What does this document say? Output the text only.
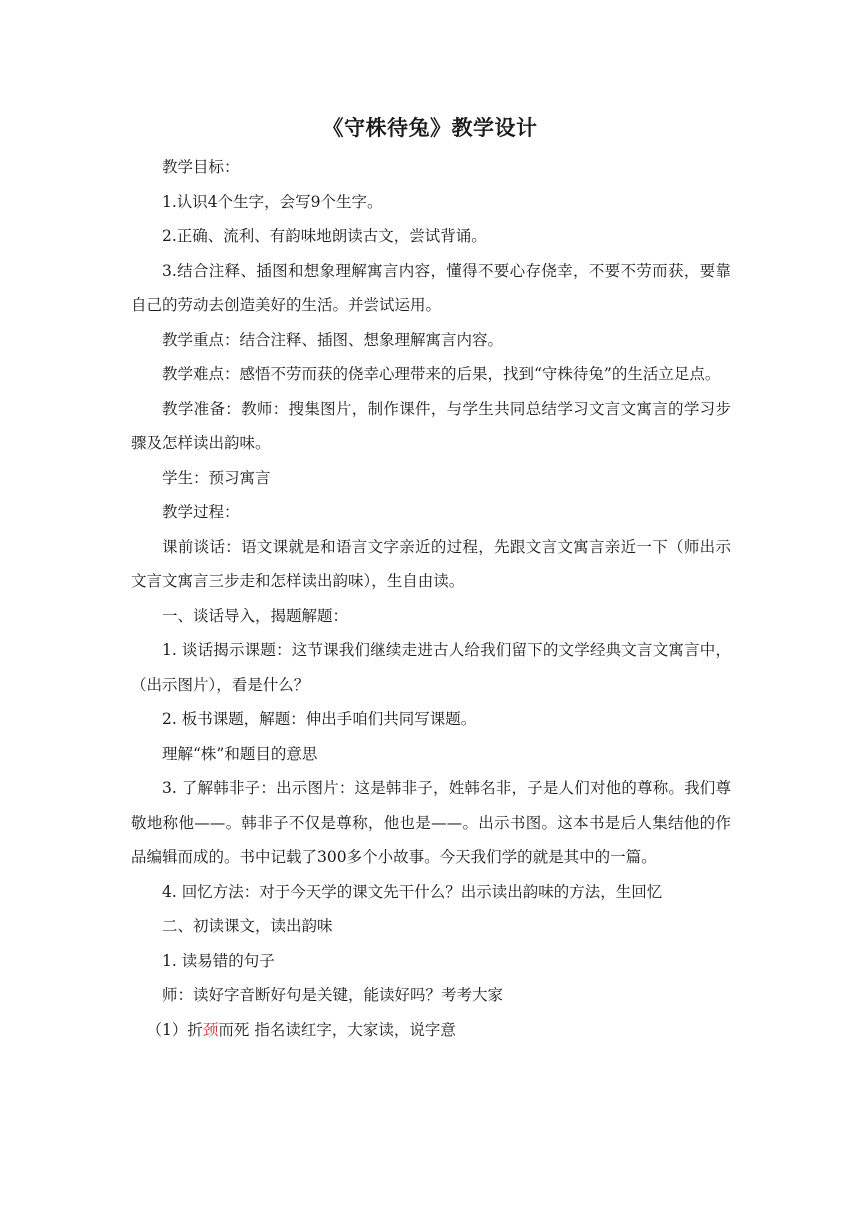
《守株待兔》教学设计

教学目标：

1.认识4个生字，会写9个生字。

2.正确、流利、有韵味地朗读古文，尝试背诵。

3.结合注释、插图和想象理解寓言内容，懂得不要心存侥幸，不要不劳而获，要靠自己的劳动去创造美好的生活。并尝试运用。

教学重点：结合注释、插图、想象理解寓言内容。

教学难点：感悟不劳而获的侥幸心理带来的后果，找到“守株待兔”的生活立足点。

教学准备：教师：搜集图片，制作课件，与学生共同总结学习文言文寓言的学习步骤及怎样读出韵味。

学生：预习寓言

教学过程：

课前谈话：语文课就是和语言文字亲近的过程，先跟文言文寓言亲近一下（师出示文言文寓言三步走和怎样读出韵味），生自由读。

一、谈话导入，揭题解题：

1. 谈话揭示课题：这节课我们继续走进古人给我们留下的文学经典文言文寓言中，（出示图片），看是什么？

2. 板书课题，解题：伸出手咱们共同写课题。

理解“株”和题目的意思

3. 了解韩非子：出示图片：这是韩非子，姓韩名非，子是人们对他的尊称。我们尊敬地称他——。韩非子不仅是尊称，他也是——。出示书图。这本书是后人集结他的作品编辑而成的。书中记载了300多个小故事。今天我们学的就是其中的一篇。

4. 回忆方法：对于今天学的课文先干什么？出示读出韵味的方法，生回忆

二、初读课文，读出韵味

1. 读易错的句子

师：读好字音断好句是关键，能读好吗？考考大家

（1）折颈而死 指名读红字，大家读，说字意
